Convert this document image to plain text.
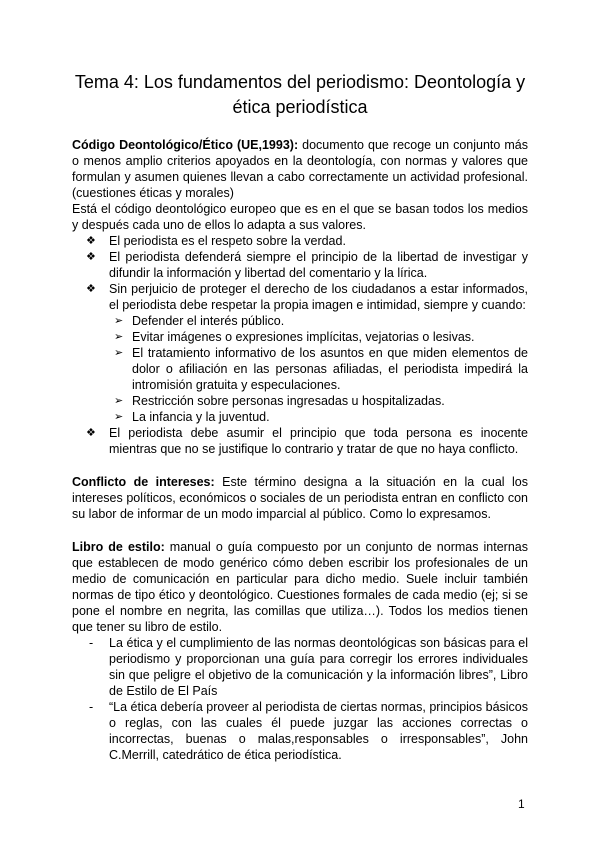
Tema 4: Los fundamentos del periodismo: Deontología y ética periodística

Código Deontológico/Ético (UE,1993): documento que recoge un conjunto más o menos amplio criterios apoyados en la deontología, con normas y valores que formulan y asumen quienes llevan a cabo correctamente un actividad profesional. (cuestiones éticas y morales)

Está el código deontológico europeo que es en el que se basan todos los medios y después cada uno de ellos lo adapta a sus valores.

❖ El periodista es el respeto sobre la verdad.
❖ El periodista defenderá siempre el principio de la libertad de investigar y difundir la información y libertad del comentario y la lírica.
❖ Sin perjuicio de proteger el derecho de los ciudadanos a estar informados, el periodista debe respetar la propia imagen e intimidad, siempre y cuando:
➢ Defender el interés público.
➢ Evitar imágenes o expresiones implícitas, vejatorias o lesivas.
➢ El tratamiento informativo de los asuntos en que miden elementos de dolor o afiliación en las personas afiliadas, el periodista impedirá la intromisión gratuita y especulaciones.
➢ Restricción sobre personas ingresadas u hospitalizadas.
➢ La infancia y la juventud.
❖ El periodista debe asumir el principio que toda persona es inocente mientras que no se justifique lo contrario y tratar de que no haya conflicto.

Conflicto de intereses: Este término designa a la situación en la cual los intereses políticos, económicos o sociales de un periodista entran en conflicto con su labor de informar de un modo imparcial al público. Como lo expresamos.

Libro de estilo: manual o guía compuesto por un conjunto de normas internas que establecen de modo genérico cómo deben escribir los profesionales de un medio de comunicación en particular para dicho medio. Suele incluir también normas de tipo ético y deontológico. Cuestiones formales de cada medio (ej; si se pone el nombre en negrita, las comillas que utiliza…). Todos los medios tienen que tener su libro de estilo.

- La ética y el cumplimiento de las normas deontológicas son básicas para el periodismo y proporcionan una guía para corregir los errores individuales sin que peligre el objetivo de la comunicación y la información libres”, Libro de Estilo de El País
- “La ética debería proveer al periodista de ciertas normas, principios básicos o reglas, con las cuales él puede juzgar las acciones correctas o incorrectas, buenas o malas,responsables o irresponsables”, John C.Merrill, catedrático de ética periodística.
1
